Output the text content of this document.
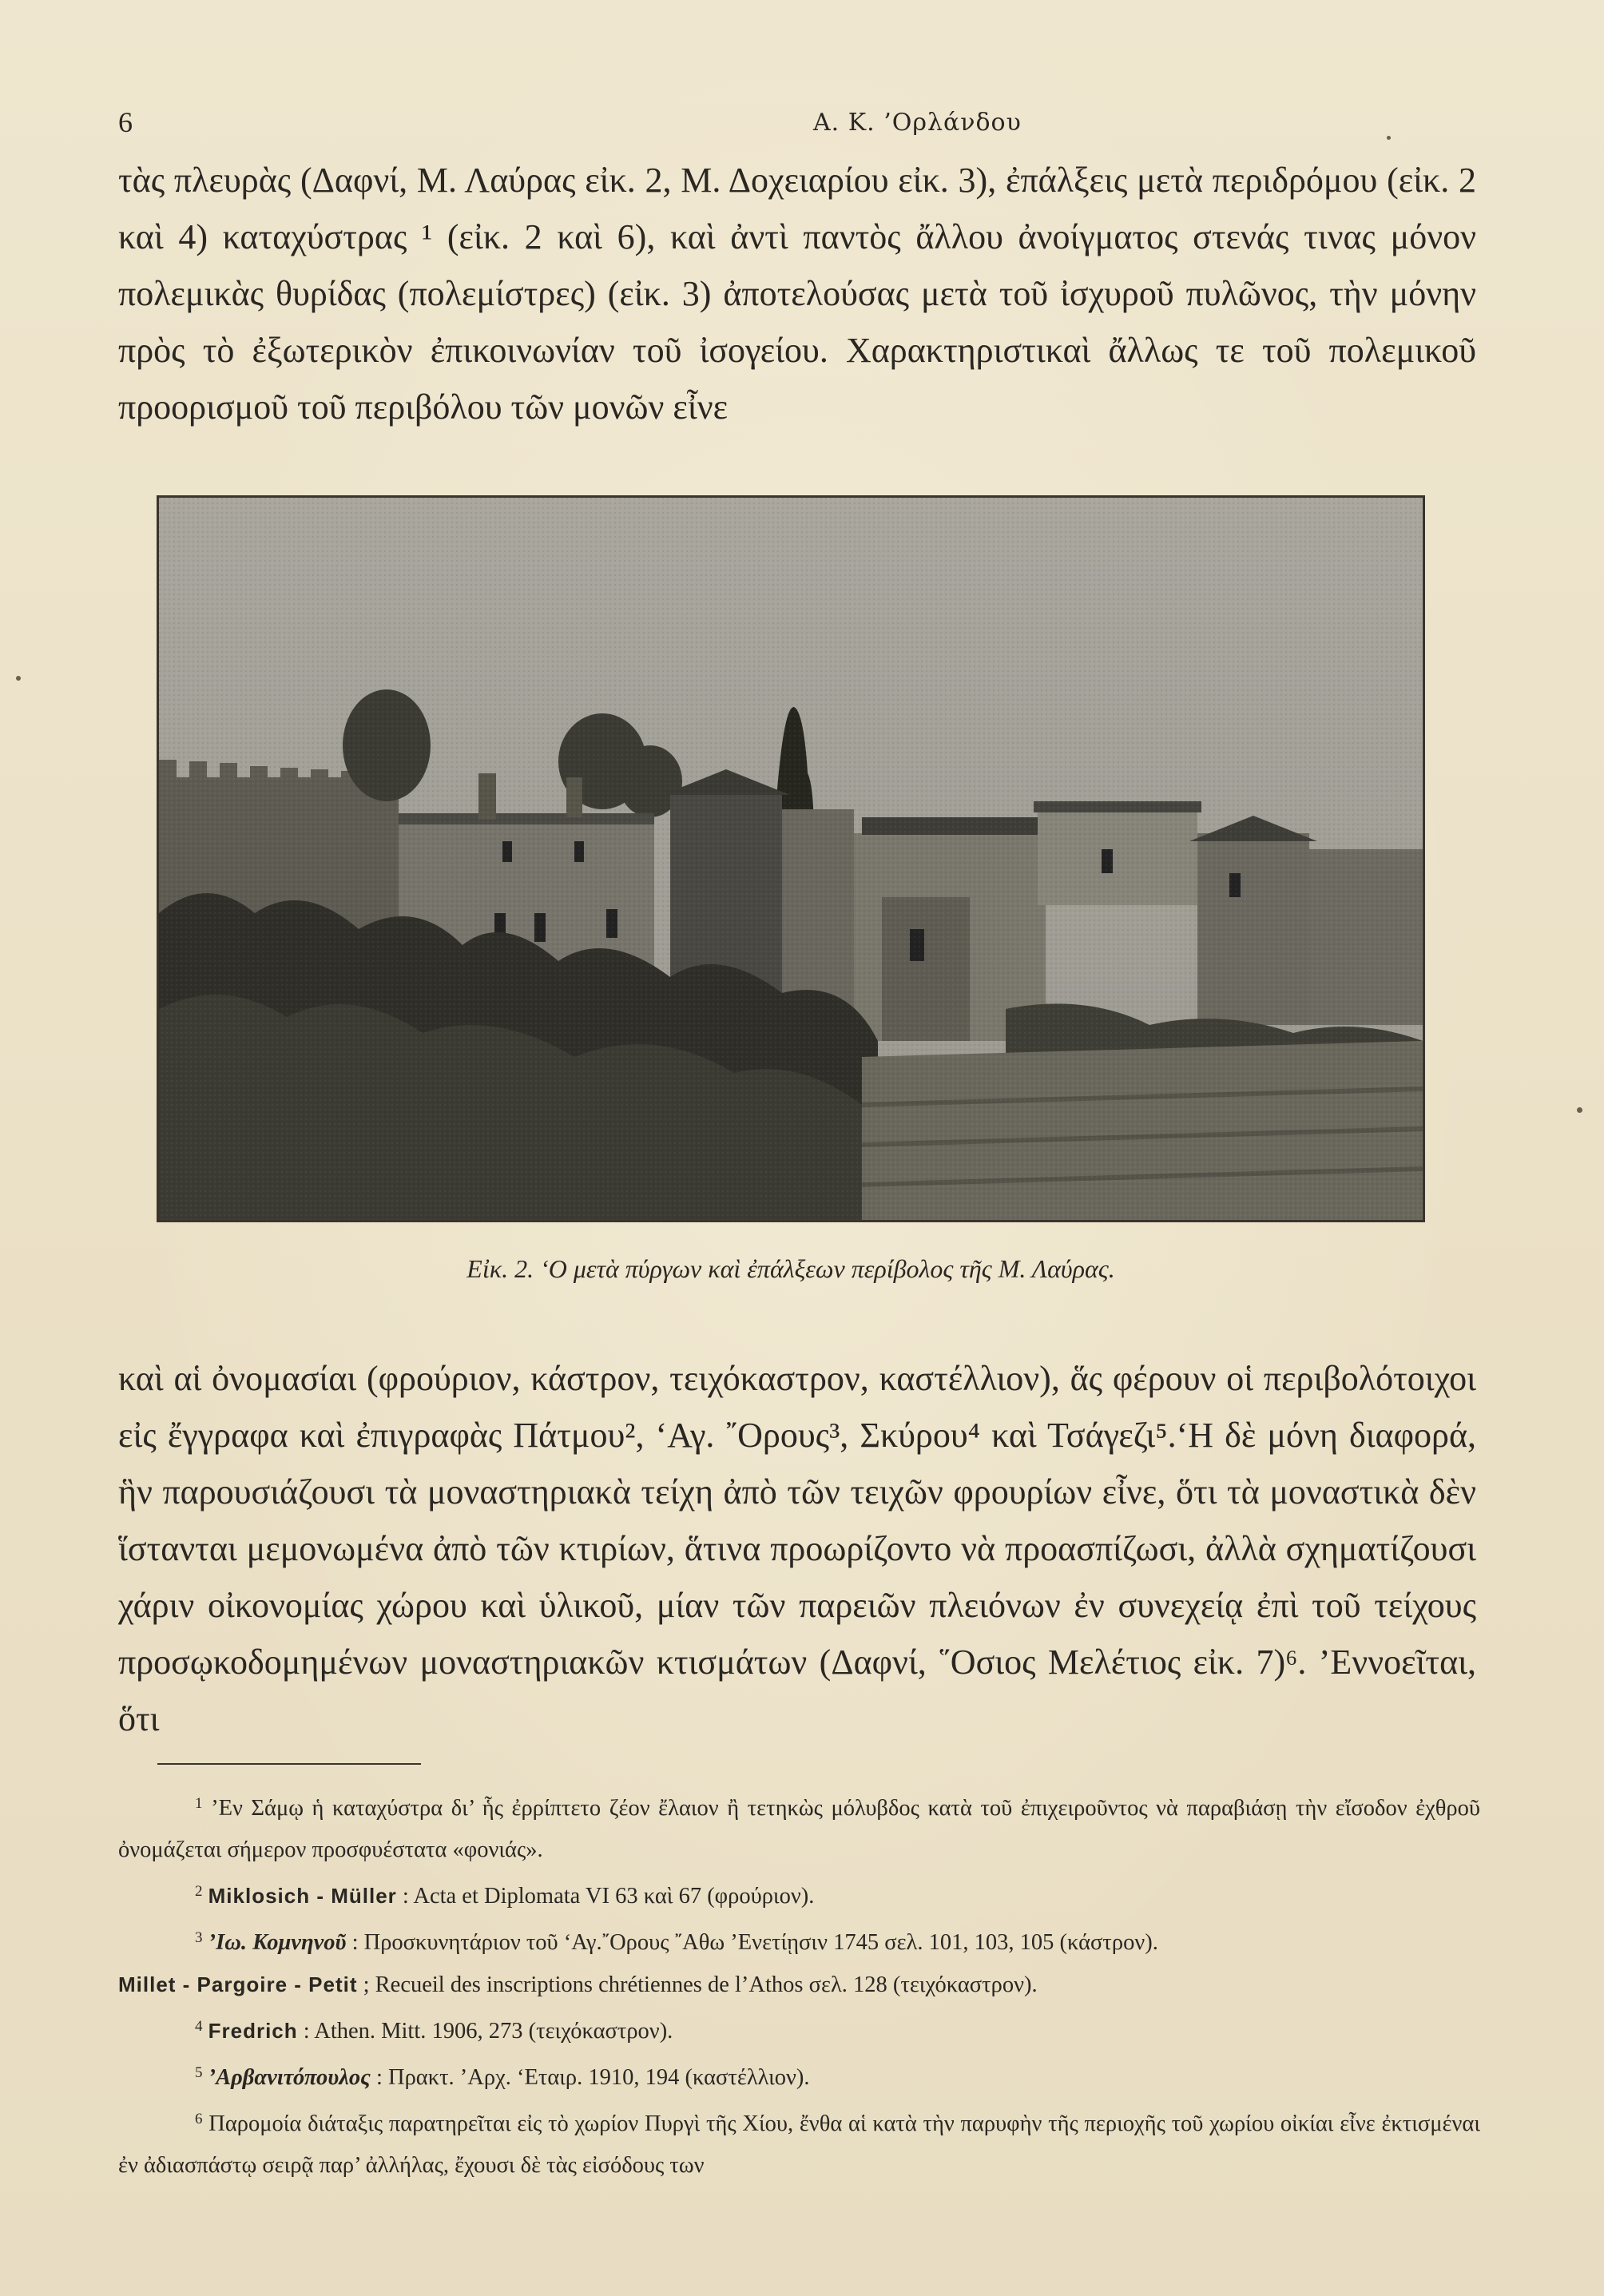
6	Α. Κ. ’Ορλάνδου

τὰς πλευρὰς (Δαφνί, Μ. Λαύρας εἰκ. 2, Μ. Δοχειαρίου εἰκ. 3), ἐπάλξεις μετὰ περιδρόμου (εἰκ. 2 καὶ 4) καταχύστρας ¹ (εἰκ. 2 καὶ 6), καὶ ἀντὶ παντὸς ἄλλου ἀνοίγματος στενάς τινας μόνον πολεμικὰς θυρίδας (πολεμίστρες) (εἰκ. 3) ἀποτελούσας μετὰ τοῦ ἰσχυροῦ πυλῶνος, τὴν μόνην πρὸς τὸ ἐξωτερικὸν ἐπικοινωνίαν τοῦ ἰσογείου. Χαρακτηριστικαὶ ἄλλως τε τοῦ πολεμικοῦ προορισμοῦ τοῦ περιβόλου τῶν μονῶν εἶνε

Εἰκ. 2. ‘Ο μετὰ πύργων καὶ ἐπάλξεων περίβολος τῆς Μ. Λαύρας.

καὶ αἱ ὀνομασίαι (φρούριον, κάστρον, τειχόκαστρον, καστέλλιον), ἅς φέρουν οἱ περιβολότοιχοι εἰς ἔγγραφα καὶ ἐπιγραφὰς Πάτμου², ‘Αγ. ῎Ορους³, Σκύρου⁴ καὶ Τσάγεζι⁵.‘Η δὲ μόνη διαφορά, ἣν παρουσιάζουσι τὰ μοναστηριακὰ τείχη ἀπὸ τῶν τειχῶν φρουρίων εἶνε, ὅτι τὰ μοναστικὰ δὲν ἵστανται μεμονωμένα ἀπὸ τῶν κτιρίων, ἅτινα προωρίζοντο νὰ προασπίζωσι, ἀλλὰ σχηματίζουσι χάριν οἰκονομίας χώρου καὶ ὑλικοῦ, μίαν τῶν παρειῶν πλειόνων ἐν συνεχείᾳ ἐπὶ τοῦ τείχους προσῳκοδομημένων μοναστηριακῶν κτισμάτων (Δαφνί, ῞Οσιος Μελέτιος εἰκ. 7)⁶. ’Εννοεῖται, ὅτι

$^1$ ’Εν Σάμῳ ἡ καταχύστρα δι’ ἧς ἐρρίπτετο ζέον ἔλαιον ἢ τετηκὼς μόλυβδος κατὰ τοῦ ἐπιχειροῦντος νὰ παραβιάσῃ τὴν εἴσοδον ἐχθροῦ ὀνομάζεται σήμερον προσφυέστατα «φονιάς».

$^2$ Miklosich - Müller : Acta et Diplomata VI 63 καὶ 67 (φρούριον).

$^3$ ’Ιω. Κομνηνοῦ : Προσκυνητάριον τοῦ ‘Αγ.῎Ορους ῎Αθω ’Ενετίῃσιν 1745 σελ. 101, 103, 105 (κάστρον).

Millet - Pargoire - Petit ; Recueil des inscriptions chrétiennes de l’Athos σελ. 128 (τειχόκαστρον).

$^4$ Fredrich : Athen. Mitt. 1906, 273 (τειχόκαστρον).

$^5$ ’Αρβανιτόπουλος : Πρακτ. ’Αρχ. ‘Εταιρ. 1910, 194 (καστέλλιον).

$^6$ Παρομοία διάταξις παρατηρεῖται εἰς τὸ χωρίον Πυργὶ τῆς Χίου, ἔνθα αἱ κατὰ τὴν παρυφὴν τῆς περιοχῆς τοῦ χωρίου οἰκίαι εἶνε ἐκτισμέναι ἐν ἀδιασπάστῳ σειρᾷ παρ’ ἀλλήλας, ἔχουσι δὲ τὰς εἰσόδους των
